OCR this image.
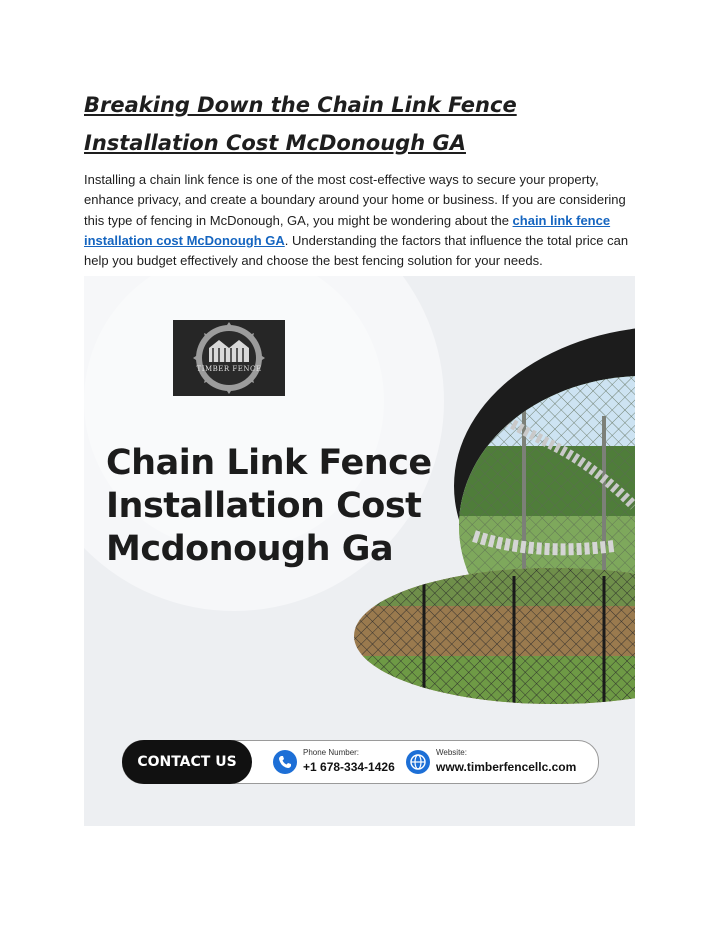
Breaking Down the Chain Link Fence Installation Cost McDonough GA

Installing a chain link fence is one of the most cost-effective ways to secure your property, enhance privacy, and create a boundary around your home or business. If you are considering this type of fencing in McDonough, GA, you might be wondering about the chain link fence installation cost McDonough GA. Understanding the factors that influence the total price can help you budget effectively and choose the best fencing solution for your needs.

TIMBER FENCE
Chain Link Fence Installation Cost Mcdonough Ga
CONTACT US
Phone Number:
+1 678-334-1426
Website:
www.timberfencellc.com
